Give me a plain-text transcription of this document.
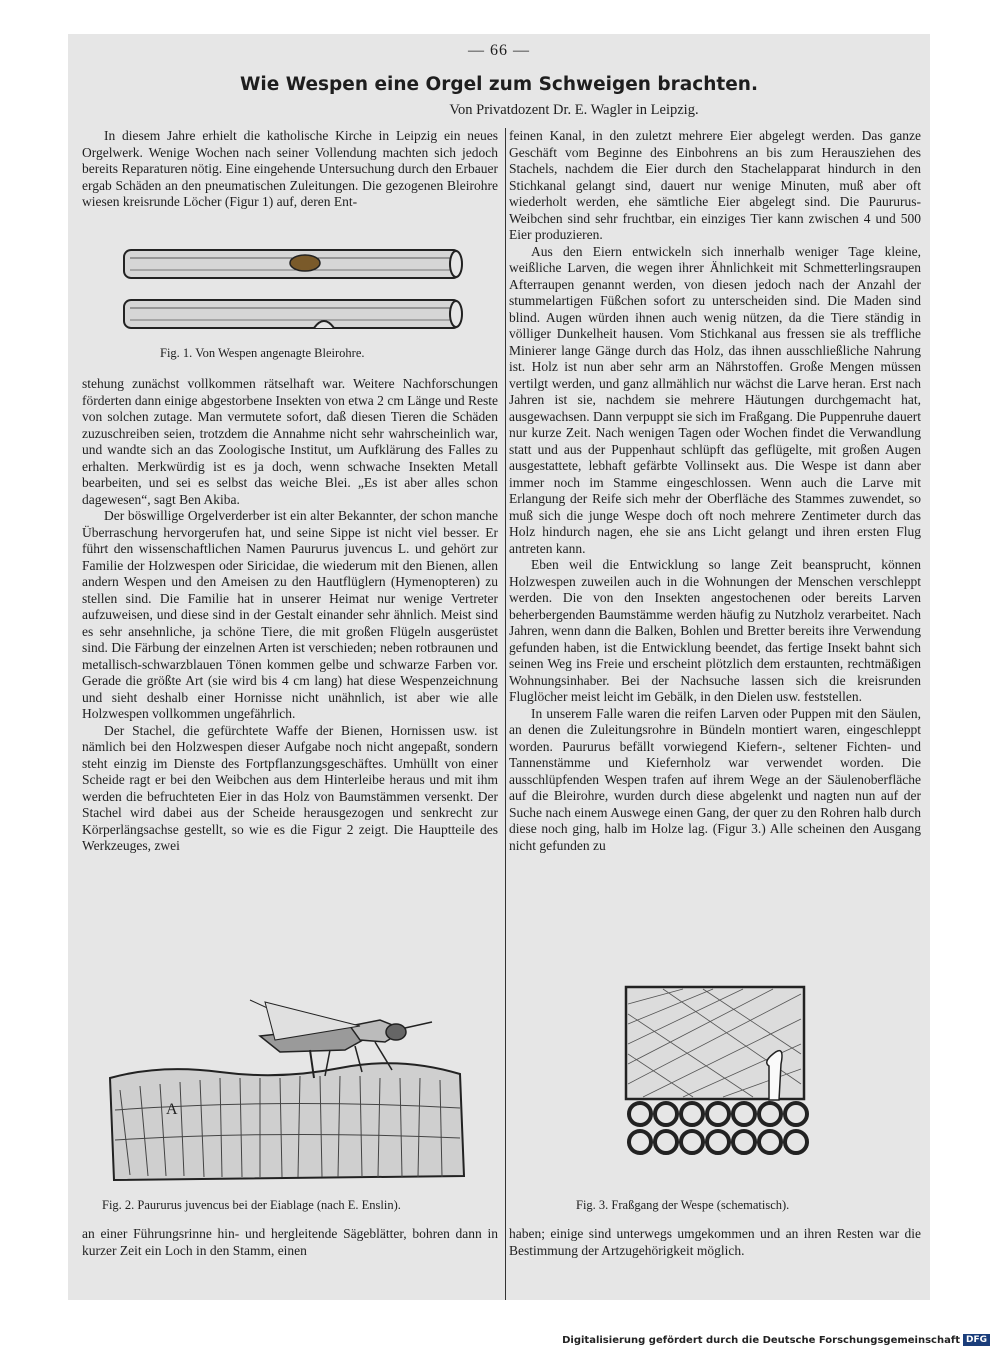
— 66 —
Wie Wespen eine Orgel zum Schweigen brachten.
Von Privatdozent Dr. E. Wagler in Leipzig.

In diesem Jahre erhielt die katholische Kirche in Leipzig ein neues Orgelwerk. Wenige Wochen nach seiner Vollendung machten sich jedoch bereits Reparaturen nötig. Eine eingehende Untersuchung durch den Erbauer ergab Schäden an den pneumatischen Zuleitungen. Die gezogenen Bleirohre wiesen kreisrunde Löcher (Figur 1) auf, deren Ent-

Fig. 1. Von Wespen angenagte Bleirohre.

stehung zunächst vollkommen rätselhaft war. Weitere Nachforschungen förderten dann einige abgestorbene Insekten von etwa 2 cm Länge und Reste von solchen zutage. Man vermutete sofort, daß diesen Tieren die Schäden zuzuschreiben seien, trotzdem die Annahme nicht sehr wahrscheinlich war, und wandte sich an das Zoologische Institut, um Aufklärung des Falles zu erhalten. Merkwürdig ist es ja doch, wenn schwache Insekten Metall bearbeiten, und sei es selbst das weiche Blei. „Es ist aber alles schon dagewesen“, sagt Ben Akiba.

Der böswillige Orgelverderber ist ein alter Bekannter, der schon manche Überraschung hervorgerufen hat, und seine Sippe ist nicht viel besser. Er führt den wissenschaftlichen Namen Paururus juvencus L. und gehört zur Familie der Holzwespen oder Siricidae, die wiederum mit den Bienen, allen andern Wespen und den Ameisen zu den Hautflüglern (Hymenopteren) zu stellen sind. Die Familie hat in unserer Heimat nur wenige Vertreter aufzuweisen, und diese sind in der Gestalt einander sehr ähnlich. Meist sind es sehr ansehnliche, ja schöne Tiere, die mit großen Flügeln ausgerüstet sind. Die Färbung der einzelnen Arten ist verschieden; neben rotbraunen und metallisch-schwarzblauen Tönen kommen gelbe und schwarze Farben vor. Gerade die größte Art (sie wird bis 4 cm lang) hat diese Wespenzeichnung und sieht deshalb einer Hornisse nicht unähnlich, ist aber wie alle Holzwespen vollkommen ungefährlich.

Der Stachel, die gefürchtete Waffe der Bienen, Hornissen usw. ist nämlich bei den Holzwespen dieser Aufgabe noch nicht angepaßt, sondern steht einzig im Dienste des Fortpflanzungsgeschäftes. Umhüllt von einer Scheide ragt er bei den Weibchen aus dem Hinterleibe heraus und mit ihm werden die befruchteten Eier in das Holz von Baumstämmen versenkt. Der Stachel wird dabei aus der Scheide herausgezogen und senkrecht zur Körperlängsachse gestellt, so wie es die Figur 2 zeigt. Die Hauptteile des Werkzeuges, zwei

A
Fig. 2. Paururus juvencus bei der Eiablage (nach E. Enslin).

an einer Führungsrinne hin- und hergleitende Sägeblätter, bohren dann in kurzer Zeit ein Loch in den Stamm, einen

feinen Kanal, in den zuletzt mehrere Eier abgelegt werden. Das ganze Geschäft vom Beginne des Einbohrens an bis zum Herausziehen des Stachels, nachdem die Eier durch den Stachelapparat hindurch in den Stichkanal gelangt sind, dauert nur wenige Minuten, muß aber oft wiederholt werden, ehe sämtliche Eier abgelegt sind. Die Paururus-Weibchen sind sehr fruchtbar, ein einziges Tier kann zwischen 4 und 500 Eier produzieren.

Aus den Eiern entwickeln sich innerhalb weniger Tage kleine, weißliche Larven, die wegen ihrer Ähnlichkeit mit Schmetterlingsraupen Afterraupen genannt werden, von diesen jedoch nach der Anzahl der stummelartigen Füßchen sofort zu unterscheiden sind. Die Maden sind blind. Augen würden ihnen auch wenig nützen, da die Tiere ständig in völliger Dunkelheit hausen. Vom Stichkanal aus fressen sie als treffliche Minierer lange Gänge durch das Holz, das ihnen ausschließliche Nahrung ist. Holz ist nun aber sehr arm an Nährstoffen. Große Mengen müssen vertilgt werden, und ganz allmählich nur wächst die Larve heran. Erst nach Jahren ist sie, nachdem sie mehrere Häutungen durchgemacht hat, ausgewachsen. Dann verpuppt sie sich im Fraßgang. Die Puppenruhe dauert nur kurze Zeit. Nach wenigen Tagen oder Wochen findet die Verwandlung statt und aus der Puppenhaut schlüpft das geflügelte, mit großen Augen ausgestattete, lebhaft gefärbte Vollinsekt aus. Die Wespe ist dann aber immer noch im Stamme eingeschlossen. Wenn auch die Larve mit Erlangung der Reife sich mehr der Oberfläche des Stammes zuwendet, so muß sich die junge Wespe doch oft noch mehrere Zentimeter durch das Holz hindurch nagen, ehe sie ans Licht gelangt und ihren ersten Flug antreten kann.

Eben weil die Entwicklung so lange Zeit beansprucht, können Holzwespen zuweilen auch in die Wohnungen der Menschen verschleppt werden. Die von den Insekten angestochenen oder bereits Larven beherbergenden Baumstämme werden häufig zu Nutzholz verarbeitet. Nach Jahren, wenn dann die Balken, Bohlen und Bretter bereits ihre Verwendung gefunden haben, ist die Entwicklung beendet, das fertige Insekt bahnt sich seinen Weg ins Freie und erscheint plötzlich dem erstaunten, rechtmäßigen Wohnungsinhaber. Bei der Nachsuche lassen sich die kreisrunden Fluglöcher meist leicht im Gebälk, in den Dielen usw. feststellen.

In unserem Falle waren die reifen Larven oder Puppen mit den Säulen, an denen die Zuleitungsrohre in Bündeln montiert waren, eingeschleppt worden. Paururus befällt vorwiegend Kiefern-, seltener Fichten- und Tannenstämme und Kiefernholz war verwendet worden. Die ausschlüpfenden Wespen trafen auf ihrem Wege an der Säulenoberfläche auf die Bleirohre, wurden durch diese abgelenkt und nagten nun auf der Suche nach einem Auswege einen Gang, der quer zu den Rohren halb durch diese noch ging, halb im Holze lag. (Figur 3.) Alle scheinen den Ausgang nicht gefunden zu

Fig. 3. Fraßgang der Wespe (schematisch).

haben; einige sind unterwegs umgekommen und an ihren Resten war die Bestimmung der Artzugehörigkeit möglich.

Digitalisierung gefördert durch die Deutsche Forschungsgemeinschaft DFG
